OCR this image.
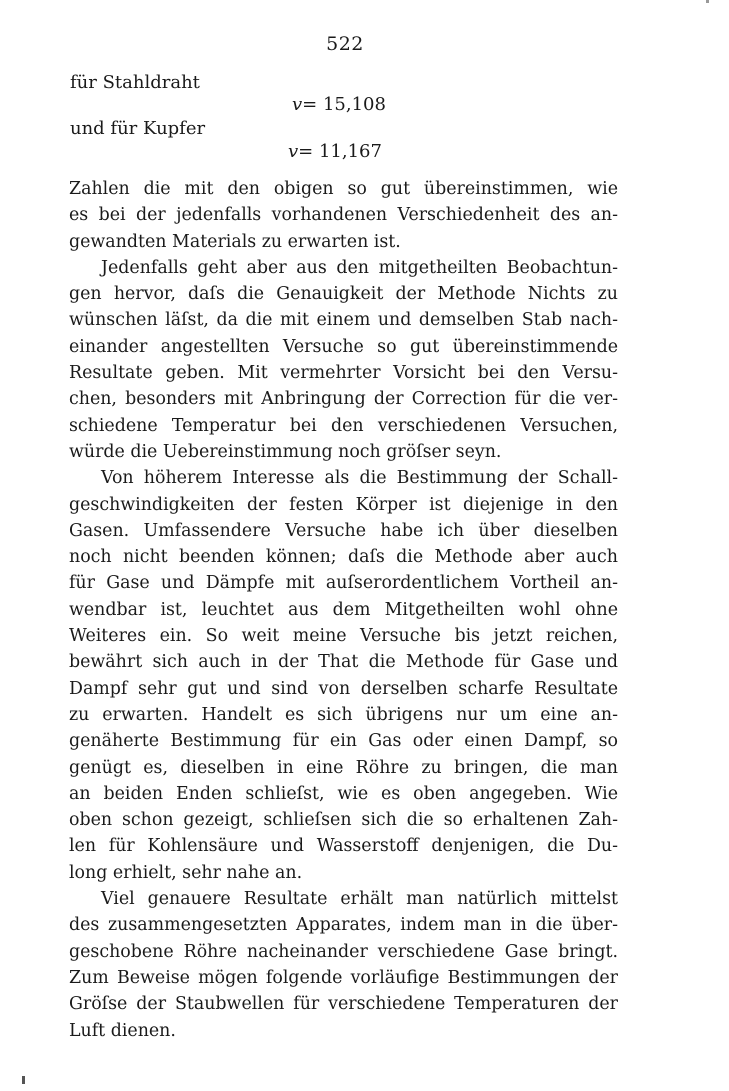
522
für Stahldraht
v= 15,108
und für Kupfer
v= 11,167
Zahlen die mit den obigen so gut übereinstimmen, wie
es bei der jedenfalls vorhandenen Verschiedenheit des an-
gewandten Materials zu erwarten ist.
Jedenfalls geht aber aus den mitgetheilten Beobachtun-
gen hervor, daſs die Genauigkeit der Methode Nichts zu
wünschen läſst, da die mit einem und demselben Stab nach-
einander angestellten Versuche so gut übereinstimmende
Resultate geben. Mit vermehrter Vorsicht bei den Versu-
chen, besonders mit Anbringung der Correction für die ver-
schiedene Temperatur bei den verschiedenen Versuchen,
würde die Uebereinstimmung noch gröſser seyn.
Von höherem Interesse als die Bestimmung der Schall-
geschwindigkeiten der festen Körper ist diejenige in den
Gasen. Umfassendere Versuche habe ich über dieselben
noch nicht beenden können; daſs die Methode aber auch
für Gase und Dämpfe mit auſserordentlichem Vortheil an-
wendbar ist, leuchtet aus dem Mitgetheilten wohl ohne
Weiteres ein. So weit meine Versuche bis jetzt reichen,
bewährt sich auch in der That die Methode für Gase und
Dampf sehr gut und sind von derselben scharfe Resultate
zu erwarten. Handelt es sich übrigens nur um eine an-
genäherte Bestimmung für ein Gas oder einen Dampf, so
genügt es, dieselben in eine Röhre zu bringen, die man
an beiden Enden schlieſst, wie es oben angegeben. Wie
oben schon gezeigt, schlieſsen sich die so erhaltenen Zah-
len für Kohlensäure und Wasserstoff denjenigen, die Du-
long erhielt, sehr nahe an.
Viel genauere Resultate erhält man natürlich mittelst
des zusammengesetzten Apparates, indem man in die über-
geschobene Röhre nacheinander verschiedene Gase bringt.
Zum Beweise mögen folgende vorläufige Bestimmungen der
Gröſse der Staubwellen für verschiedene Temperaturen der
Luft dienen.
